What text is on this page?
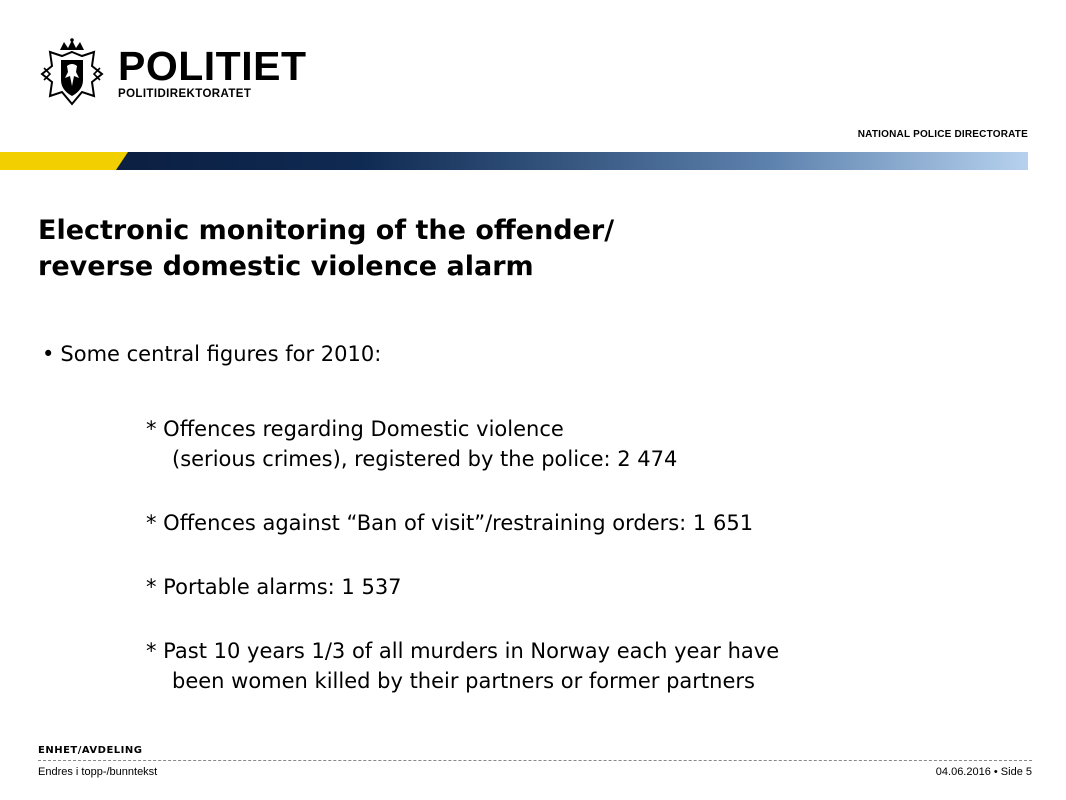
POLITIET
POLITIDIREKTORATET
NATIONAL POLICE DIRECTORATE
Electronic monitoring of the offender/
reverse domestic violence alarm
• Some central figures for 2010:
* Offences regarding Domestic violence
(serious crimes), registered by the police: 2 474
* Offences against “Ban of visit”/restraining orders: 1 651
* Portable alarms: 1 537
* Past 10 years 1/3 of all murders in Norway each year have
been women killed by their partners or former partners
ENHET/AVDELING
Endres i topp-/bunntekst	04.06.2016 • Side 5
